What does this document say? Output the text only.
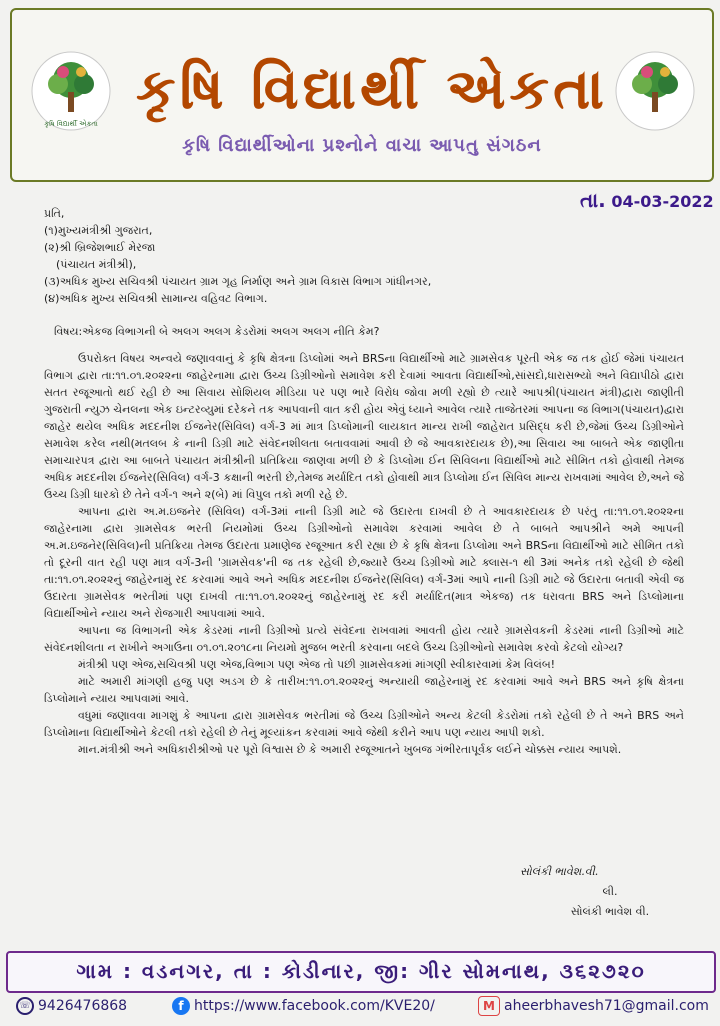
કૃષિ વિદ્યાર્થી એકતા
કૃષિ વિદ્યાર્થી એકતા
કૃષિ વિદ્યાર્થીઓના પ્રશ્નોને વાચા આપતુ સંગઠન
તા. 04-03-2022
પ્રતિ,
(૧)મુખ્યમંત્રીશ્રી ગુજરાત,
(૨)શ્રી બ્રિજેશભાઈ મેરજા
(પંચાયત મંત્રીશ્રી),
(૩)અધિક મુખ્ય સચિવશ્રી પંચાયત ગ્રામ ગૃહ નિર્માણ અને ગ્રામ વિકાસ વિભાગ ગાંધીનગર,
(૪)અધિક મુખ્ય સચિવશ્રી સામાન્ય વહિવટ વિભાગ.
વિષય:એકજ વિભાગની બે અલગ અલગ કેડરોમાં અલગ અલગ નીતિ કેમ?
ઉપરોક્ત વિષય અન્વયે જણાવવાનું કે કૃષિ ક્ષેત્રના ડિપ્લોમાં અને BRSના વિદ્યાર્થીઓ માટે ગ્રામસેવક પૂરતી એક જ તક હોઈ જેમાં પંચાયત વિભાગ દ્વારા તા:૧૧.૦૧.૨૦૨૨ના જાહેરનામા દ્વારા ઉચ્ચ ડિગ્રીઓનો સમાવેશ કરી દેવામાં આવતા વિદ્યાર્થીઓ,સાંસદો,ધારાસભ્યો અને વિદ્યાપીઠો દ્વારા સતત રજૂઆતો થઈ રહી છે આ સિવાય સોશિયલ મીડિયા પર પણ ભારે વિરોધ જોવા મળી રહ્યો છે ત્યારે આપશ્રી(પંચાયત મંત્રી)દ્વારા જાણીતી ગુજરાતી ન્યુઝ ચેનલના એક ઇન્ટરવ્યુમાં દરેકને તક આપવાની વાત કરી હોય એવું ધ્યાને આવેલ ત્યારે તાજેતરમાં આપના જ વિભાગ(પંચાયત)દ્વારા જાહેર થયેલ અધિક મદદનીશ ઈજનેર(સિવિલ) વર્ગ-3 માં માત્ર ડિપ્લોમાની લાયકાત માન્ય રાખી જાહેરાત પ્રસિદ્ધ કરી છે,જેમાં ઉચ્ચ ડિગ્રીઓને સમાવેશ કરેલ નથી(મતલબ કે નાની ડિગ્રી માટે સંવેદનશીલતા બતાવવામાં આવી છે જે આવકારદાયક છે),આ સિવાય આ બાબતે એક જાણીતા સમાચારપત્ર દ્વારા આ બાબતે પંચાયત મંત્રીશ્રીની પ્રતિક્રિયા જાણવા મળી છે કે ડિપ્લોમા ઈન સિવિલના વિદ્યાર્થીઓ માટે સીમિત તકો હોવાથી તેમજ અધિક મદદનીશ ઈજનેર(સિવિલ) વર્ગ-3 કક્ષાની ભરતી છે,તેમજ મર્યાદિત તકો હોવાથી માત્ર ડિપ્લોમા ઈન સિવિલ માન્ય રાખવામાં આવેલ છે,અને જે ઉચ્ચ ડિગ્રી ધારકો છે તેને વર્ગ-૧ અને ૨(બે) માં વિપુલ તકો મળી રહે છે.
આપના દ્વારા અ.મ.ઇજનેર (સિવિલ) વર્ગ-3માં નાની ડિગ્રી માટે જે ઉદારતા દાખવી છે તે આવકારદાયક છે પરંતુ તા:૧૧.૦૧.૨૦૨૨ના જાહેરનામા દ્વારા ગ્રામસેવક ભરતી નિયમોમાં ઉચ્ચ ડિગ્રીઓનો સમાવેશ કરવામાં આવેલ છે તે બાબતે આપશ્રીને અમે આપની અ.મ.ઇજનેર(સિવિલ)ની પ્રતિક્રિયા તેમજ ઉદારતા પ્રમાણેજ રજૂઆત કરી રહ્યા છે કે કૃષિ ક્ષેત્રના ડિપ્લોમા અને BRSના વિદ્યાર્થીઓ માટે સીમિત તકો તો દૂરની વાત રહી પણ માત્ર વર્ગ-3ની 'ગ્રામસેવક'ની જ તક રહેલી છે,જ્યારે ઉચ્ચ ડિગ્રીઓ માટે ક્લાસ-૧ થી 3માં અનેક તકો રહેલી છે જેથી તા:૧૧.૦૧.૨૦૨૨નું જાહેરનામું રદ કરવામાં આવે અને અધિક મદદનીશ ઈજનેર(સિવિલ) વર્ગ-3માં આપે નાની ડિગ્રી માટે જે ઉદારતા બતાવી એવી જ ઉદારતા ગ્રામસેવક ભરતીમાં પણ દાખવી તા:૧૧.૦૧.૨૦૨૨નું જાહેરનામું રદ કરી મર્યાદિત(માત્ર એકજ) તક ધરાવતા BRS અને ડિપ્લોમાના વિદ્યાર્થીઓને ન્યાય અને રોજગારી આપવામાં આવે.
આપના જ વિભાગની એક કેડરમાં નાની ડિગ્રીઓ પ્રત્યે સંવેદના રાખવામાં આવતી હોય ત્યારે ગ્રામસેવકની કેડરમાં નાની ડિગ્રીઓ માટે સંવેદનશીલતા ન રાખીને અગાઉના ૦૧.૦૧.૨૦૧૮ના નિયમો મુજબ ભરતી કરવાના બદલે ઉચ્ચ ડિગ્રીઓનો સમાવેશ કરવો કેટલો યોગ્ય?
મંત્રીશ્રી પણ એજ,સચિવશ્રી પણ એજ,વિભાગ પણ એજ તો પછી ગ્રામસેવકમાં માંગણી સ્વીકારવામાં કેમ વિલંબ!
માટે અમારી માંગણી હજુ પણ અડગ છે કે તારીખ:૧૧.૦૧.૨૦૨૨નું અન્યાયી જાહેરનામું રદ કરવામાં આવે અને BRS અને કૃષિ ક્ષેત્રના ડિપ્લોમાને ન્યાય આપવામાં આવે.
વધુમાં જણાવવા માગશું કે આપના દ્વારા ગ્રામસેવક ભરતીમાં જે ઉચ્ચ ડિગ્રીઓને અન્ય કેટલી કેડરોમાં તકો રહેલી છે તે અને BRS અને ડિપ્લોમાના વિદ્યાર્થીઓને કેટલી તકો રહેલી છે તેનું મૂલ્યાંકન કરવામાં આવે જેથી કરીને આપ પણ ન્યાય આપી શકો.
માન.મંત્રીશ્રી અને અધિકારીશ્રીઓ પર પૂરો વિશ્વાસ છે કે અમારી રજૂઆતને ખુબજ ગંભીરતાપૂર્વક લઈને ચોક્કસ ન્યાય આપશે.
સોલંકી ભાવેશ.વી.
લી.
સોલંકી ભાવેશ વી.
ગામ : વડનગર, તા : કોડીનાર, જી: ગીર સોમનાથ, ૩૬૨૭૨૦
☏ 9426476868	f https://www.facebook.com/KVE20/	M aheerbhavesh71@gmail.com
